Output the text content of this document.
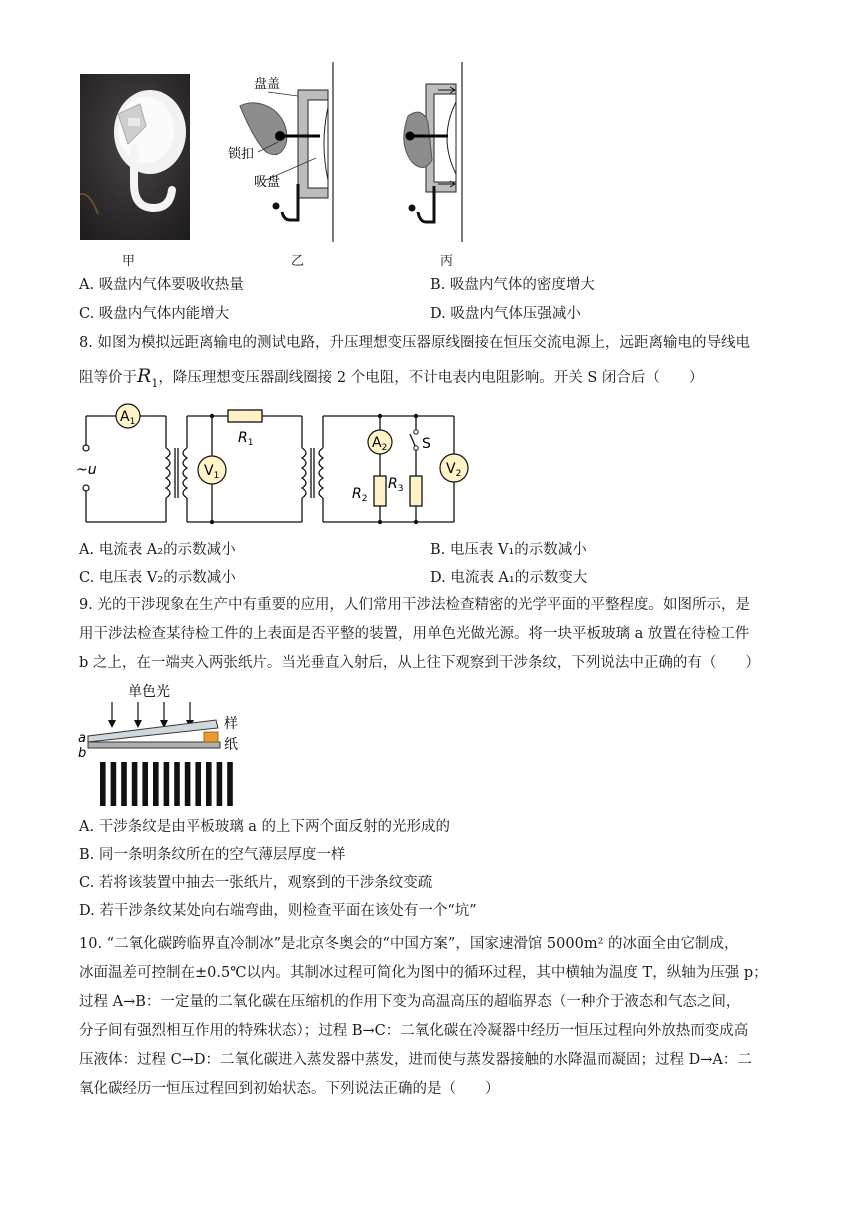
盘盖
锁扣
吸盘
甲	乙	丙
A. 吸盘内气体要吸收热量	B. 吸盘内气体的密度增大
C. 吸盘内气体内能增大	D. 吸盘内气体压强减小
8. 如图为模拟远距离输电的测试电路，升压理想变压器原线圈接在恒压交流电源上，远距离输电的导线电
阻等价于$R_1$，降压理想变压器副线圈接 2 个电阻，不计电表内电阻影响。开关 S 闭合后（　　）
$A_1$
$V_1$
$A_2$
$V_2$
~u
$R_1$
$R_2$
$R_3$
S
A. 电流表 A₂的示数减小	B. 电压表 V₁的示数减小
C. 电压表 V₂的示数减小	D. 电流表 A₁的示数变大
9. 光的干涉现象在生产中有重要的应用，人们常用干涉法检查精密的光学平面的平整程度。如图所示，是
用干涉法检查某待检工件的上表面是否平整的装置，用单色光做光源。将一块平板玻璃 a 放置在待检工件
b 之上，在一端夹入两张纸片。当光垂直入射后，从上往下观察到干涉条纹，下列说法中正确的有（　　）
单色光
a
b
样
纸
A. 干涉条纹是由平板玻璃 a 的上下两个面反射的光形成的
B. 同一条明条纹所在的空气薄层厚度一样
C. 若将该装置中抽去一张纸片，观察到的干涉条纹变疏
D. 若干涉条纹某处向右端弯曲，则检查平面在该处有一个“坑”
10. “二氧化碳跨临界直冷制冰”是北京冬奥会的“中国方案”，国家速滑馆 5000m² 的冰面全由它制成，
冰面温差可控制在±0.5℃以内。其制冰过程可简化为图中的循环过程，其中横轴为温度 T，纵轴为压强 p；
过程 A→B：一定量的二氧化碳在压缩机的作用下变为高温高压的超临界态（一种介于液态和气态之间，
分子间有强烈相互作用的特殊状态）；过程 B→C：二氧化碳在冷凝器中经历一恒压过程向外放热而变成高
压液体：过程 C→D：二氧化碳进入蒸发器中蒸发，进而使与蒸发器接触的水降温而凝固；过程 D→A：二
氧化碳经历一恒压过程回到初始状态。下列说法正确的是（　　）
